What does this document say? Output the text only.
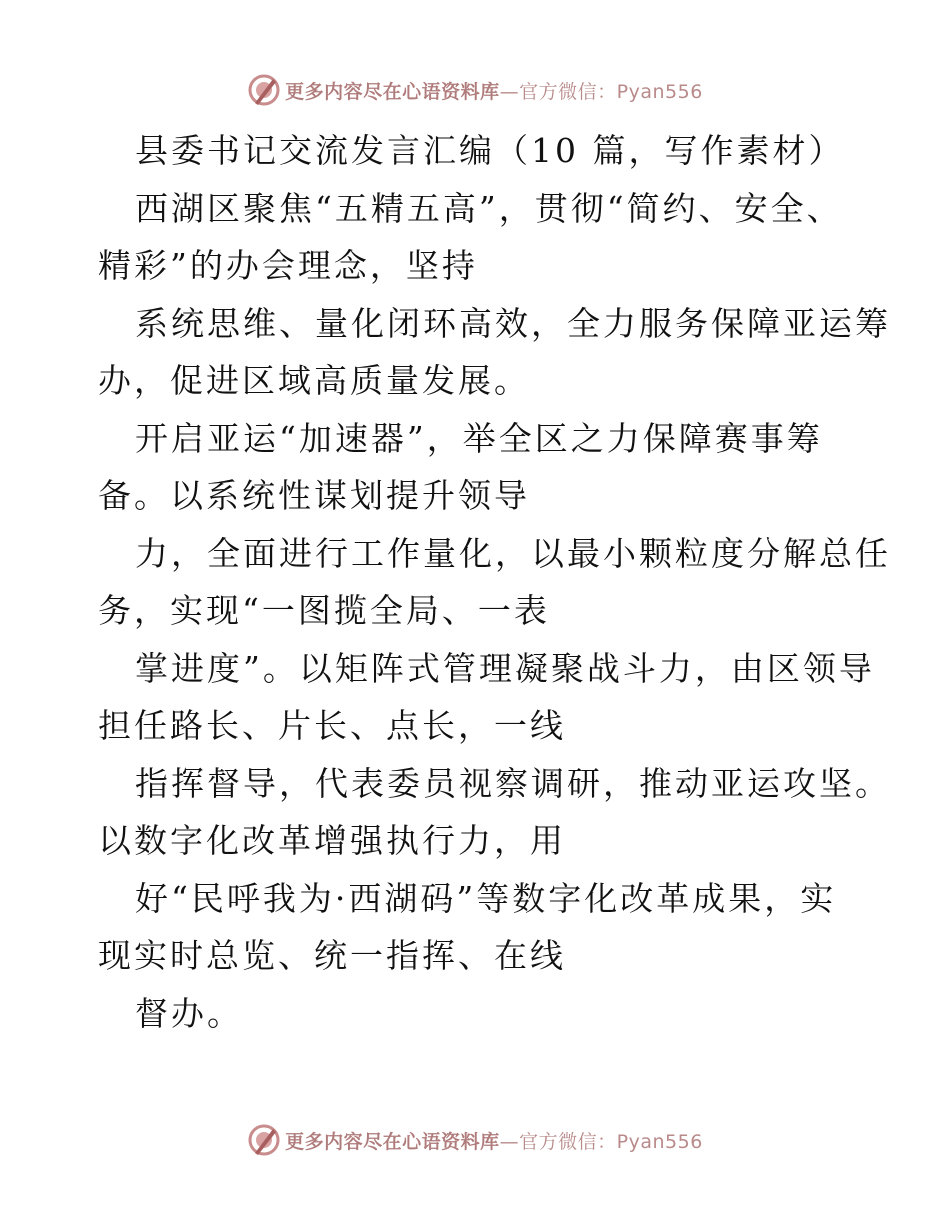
更多内容尽在心语资料库—官方微信：Pyan556
县委书记交流发言汇编（10 篇，写作素材）
西湖区聚焦“五精五高”，贯彻“简约、安全、
精彩”的办会理念，坚持
系统思维、量化闭环高效，全力服务保障亚运筹
办，促进区域高质量发展。
开启亚运“加速器”，举全区之力保障赛事筹
备。以系统性谋划提升领导
力，全面进行工作量化，以最小颗粒度分解总任
务，实现“一图揽全局、一表
掌进度”。以矩阵式管理凝聚战斗力，由区领导
担任路长、片长、点长，一线
指挥督导，代表委员视察调研，推动亚运攻坚。
以数字化改革增强执行力，用
好“民呼我为·西湖码”等数字化改革成果，实
现实时总览、统一指挥、在线
督办。
更多内容尽在心语资料库—官方微信：Pyan556
